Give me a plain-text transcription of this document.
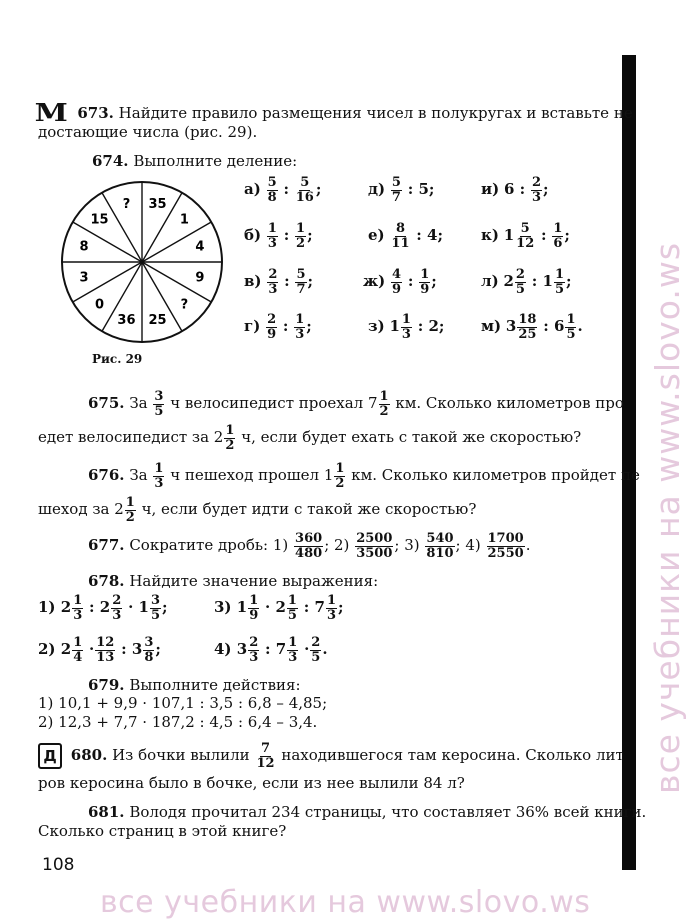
все учебники на www.slovo.ws
все учебники на www.slovo.ws
М 673. Найдите правило размещения чисел в полукругах и вставьте не
достающие числа (рис. 29).
674. Выполните деление:
35
1
4
9
?
25
36
0
3
8
15
?
Рис. 29
$а) \frac{5}{8}$ : $\frac{5}{16}$ ;
$б) \frac{1}{3}$ : $\frac{1}{2}$ ;
$в) \frac{2}{3}$ : $\frac{5}{7}$ ;
$г) \frac{2}{9}$ : $\frac{1}{3}$ ;
$д) \frac{5}{7}$ : 5;
$е) \frac{8}{11}$ : 4;
$ж) \frac{4}{9}$ : $\frac{1}{9}$ ;
з) $1 \frac{1}{3}$ : 2;
и) 6 : $\frac{2}{3}$ ;
к) $1 \frac{5}{12}$ : $\frac{1}{6}$ ;
л) $2 \frac{2}{5}$ : $1 \frac{1}{5}$ ;
м) $3 \frac{18}{25}$ : $6 \frac{1}{5}$ .
675. За $\frac{3}{5}$ ч велосипедист проехал $7 \frac{1}{2}$ км. Сколько километров про
едет велосипедист за $2 \frac{1}{2} ч$, если будет ехать с такой же скоростью?
676. За $\frac{1}{3}$ ч пешеход прошел $1 \frac{1}{2}$ км. Сколько километров пройдет пе
шеход за $2 \frac{1}{2} ч$, если будет идти с такой же скоростью?
677. Сократите дробь: $1) \frac{360}{480}$ ; $2) \frac{2500}{3500}$ ; $3) \frac{540}{810}$ ; $4) \frac{1700}{2550}$ .
678. Найдите значение выражения:
1) $2 \frac{1}{3}$ : $2 \frac{2}{3} \cdot 1 \frac{3}{5}$ ;	3) $1 \frac{1}{9} \cdot 2 \frac{1}{5}$ : $7 \frac{1}{3}$ ;
2) $2 \frac{1}{4} \cdot \frac{12}{13}$ : $3 \frac{3}{8}$ ;	4) $3 \frac{2}{3}$ : $7 \frac{1}{3} \cdot \frac{2}{5}$ .
679. Выполните действия:
1) 10,1 + 9,9 · 107,1 : 3,5 : 6,8 – 4,85;
2) 12,3 + 7,7 · 187,2 : 4,5 : 6,4 – 3,4.
Д 680. Из бочки вылили $\frac{7}{12}$ находившегося там керосина. Сколько лит
ров керосина было в бочке, если из нее вылили 84 л?
681. Володя прочитал 234 страницы, что составляет 36% всей книги.
Сколько страниц в этой книге?
108
